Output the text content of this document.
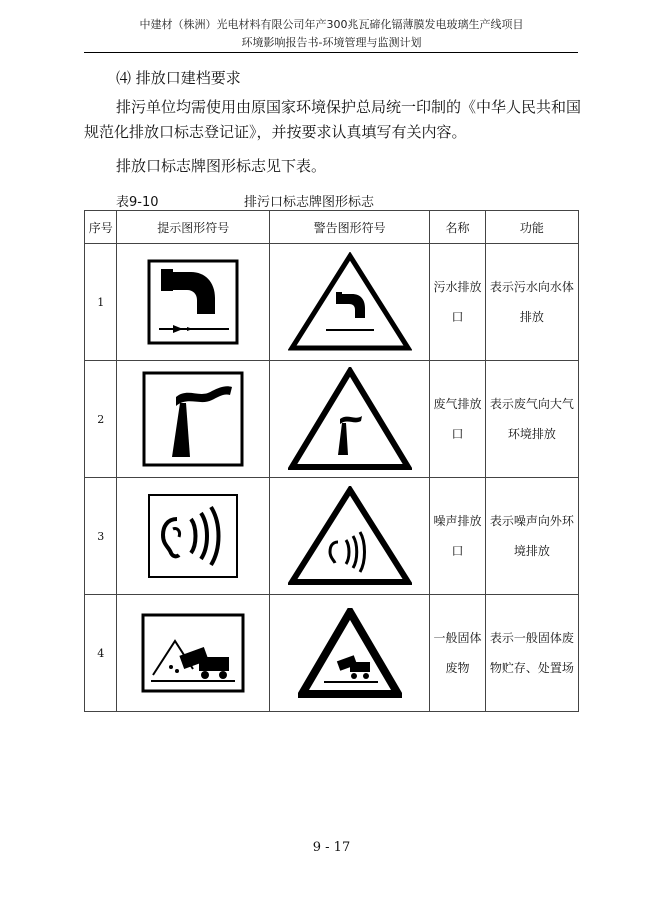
中建材（株洲）光电材料有限公司年产300兆瓦碲化镉薄膜发电玻璃生产线项目
环境影响报告书-环境管理与监测计划
⑷ 排放口建档要求
排污单位均需使用由原国家环境保护总局统一印制的《中华人民共和国规范化排放口标志登记证》，并按要求认真填写有关内容。
排放口标志牌图形标志见下表。
表9-10	排污口标志牌图形标志
序号	提示图形符号	警告图形符号	名称	功能
1			污水排放口	表示污水向水体排放
2			废气排放口	表示废气向大气环境排放
3			噪声排放口	表示噪声向外环境排放
4			一般固体废物	表示一般固体废物贮存、处置场
9 - 17
